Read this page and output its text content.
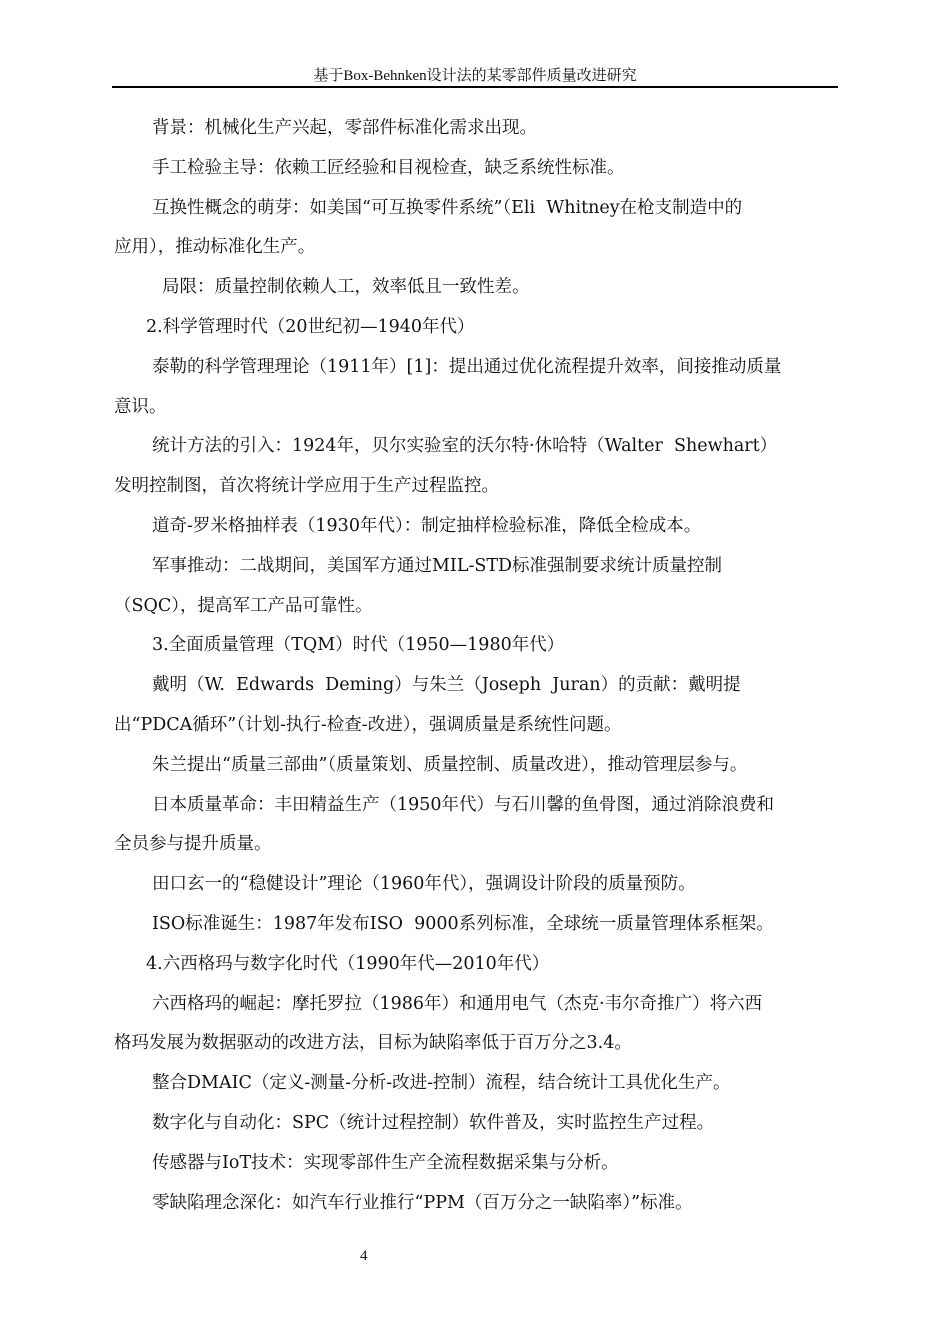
基于Box-Behnken设计法的某零部件质量改进研究
背景：机械化生产兴起，零部件标准化需求出现。
手工检验主导：依赖工匠经验和目视检查，缺乏系统性标准。
互换性概念的萌芽：如美国“可互换零件系统”（Eli  Whitney在枪支制造中的
应用），推动标准化生产。
局限：质量控制依赖人工，效率低且一致性差。
2.科学管理时代（20世纪初—1940年代）
泰勒的科学管理理论（1911年）[1]：提出通过优化流程提升效率，间接推动质量
意识。
统计方法的引入：1924年，贝尔实验室的沃尔特·休哈特（Walter  Shewhart）
发明控制图，首次将统计学应用于生产过程监控。
道奇-罗米格抽样表（1930年代）：制定抽样检验标准，降低全检成本。
军事推动：二战期间，美国军方通过MIL-STD标准强制要求统计质量控制
（SQC），提高军工产品可靠性。
3.全面质量管理（TQM）时代（1950—1980年代）
戴明（W.  Edwards  Deming）与朱兰（Joseph  Juran）的贡献：戴明提
出“PDCA循环”（计划-执行-检查-改进），强调质量是系统性问题。
朱兰提出“质量三部曲”（质量策划、质量控制、质量改进），推动管理层参与。
日本质量革命：丰田精益生产（1950年代）与石川馨的鱼骨图，通过消除浪费和
全员参与提升质量。
田口玄一的“稳健设计”理论（1960年代），强调设计阶段的质量预防。
ISO标准诞生：1987年发布ISO  9000系列标准，全球统一质量管理体系框架。
4.六西格玛与数字化时代（1990年代—2010年代）
六西格玛的崛起：摩托罗拉（1986年）和通用电气（杰克·韦尔奇推广）将六西
格玛发展为数据驱动的改进方法，目标为缺陷率低于百万分之3.4。
整合DMAIC（定义-测量-分析-改进-控制）流程，结合统计工具优化生产。
数字化与自动化：SPC（统计过程控制）软件普及，实时监控生产过程。
传感器与IoT技术：实现零部件生产全流程数据采集与分析。
零缺陷理念深化：如汽车行业推行“PPM（百万分之一缺陷率）”标准。
4
